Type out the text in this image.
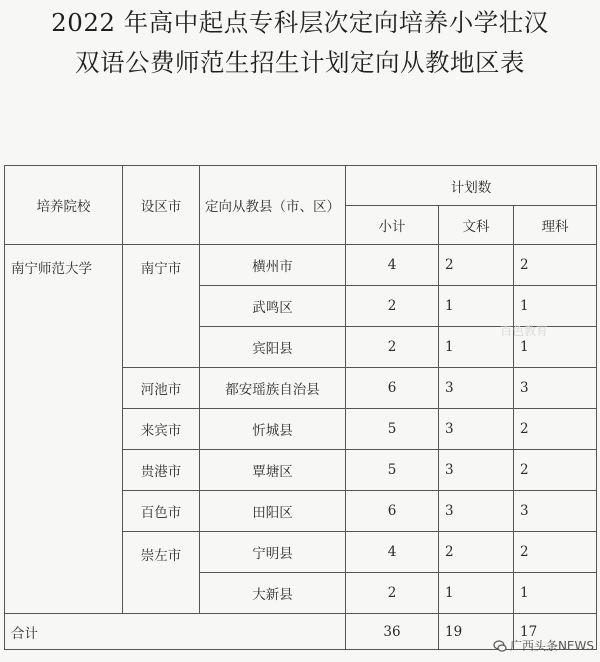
2022 年高中起点专科层次定向培养小学壮汉
双语公费师范生招生计划定向从教地区表
培养院校	设区市	定向从教县（市、区）	计划数		
			小计	文科	理科
南宁师范大学	南宁市	横州市	4	2	2
		武鸣区	2	1	1
		宾阳县	2	1	1
	河池市	都安瑶族自治县	6	3	3
	来宾市	忻城县	5	3	2
	贵港市	覃塘区	5	3	2
	百色市	田阳区	6	3	3
	崇左市	宁明县	4	2	2
		大新县	2	1	1
合计			36	19	17
百色教育
广西头条NEWS
